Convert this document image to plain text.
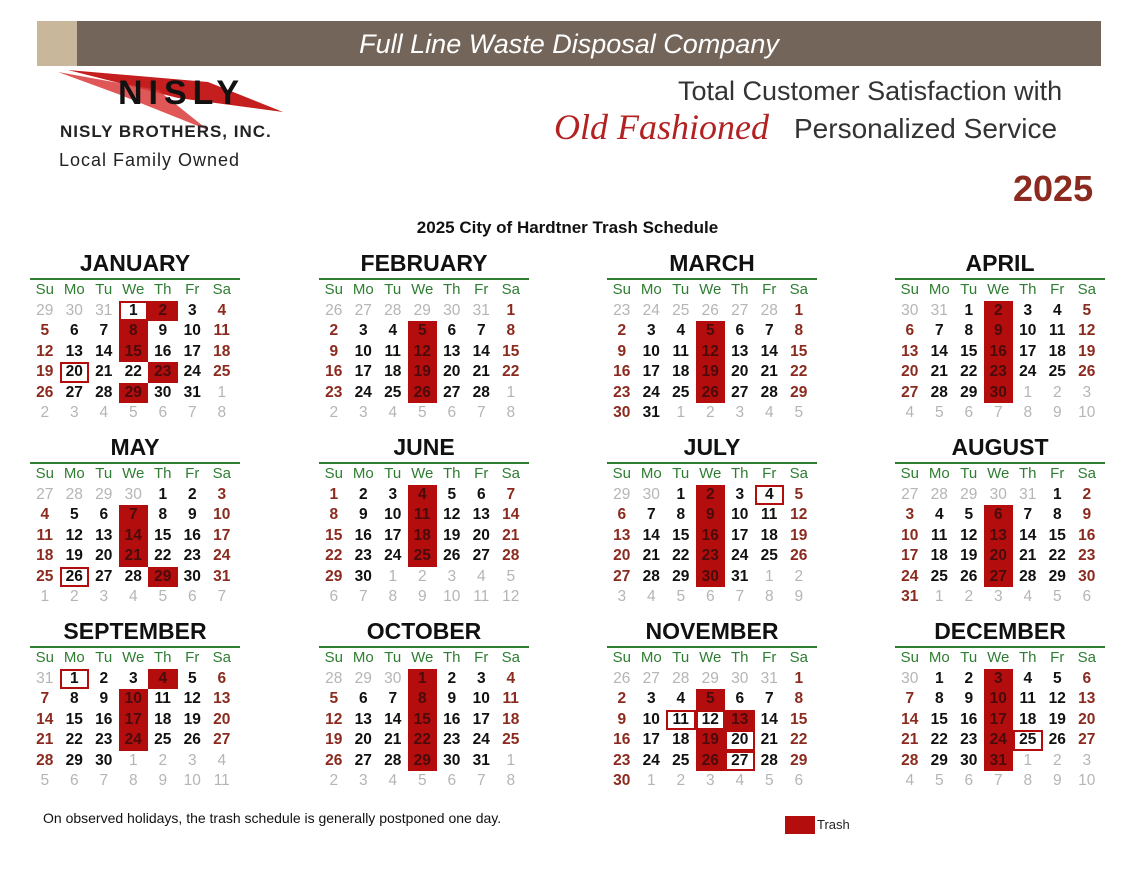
Full Line Waste Disposal Company
NISLY
NISLY BROTHERS, INC.
Local Family Owned
Total Customer Satisfaction with
Old Fashioned Personalized Service
2025
2025 City of Hardtner Trash Schedule
JANUARY
Su Mo Tu We Th Fr Sa
29 30 31	1	2	3	4
5	6	7	8	9	10 11
12 13 14 15 16 17 18
19 20 21 22 23 24 25
26 27 28 29 30 31	1
2	3	4	5	6	7	8
FEBRUARY
Su Mo Tu We Th Fr Sa
26 27 28 29 30 31	1
2	3	4	5	6	7	8
9	10 11 12 13 14 15
16 17 18 19 20 21 22
23 24 25 26 27 28	1
2	3	4	5	6	7	8
MARCH
Su Mo Tu We Th Fr Sa
23 24 25 26 27 28	1
2	3	4	5	6	7	8
9	10 11 12 13 14 15
16 17 18 19 20 21 22
23 24 25 26 27 28 29
30 31	1	2	3	4	5
APRIL
Su Mo Tu We Th Fr Sa
30 31	1	2	3	4	5
6	7	8	9	10 11 12
13 14 15 16 17 18 19
20 21 22 23 24 25 26
27 28 29 30	1	2	3
4	5	6	7	8	9	10
MAY
Su Mo Tu We Th Fr Sa
27 28 29 30	1	2	3
4	5	6	7	8	9	10
11 12 13 14 15 16 17
18 19 20 21 22 23 24
25 26 27 28 29 30 31
1	2	3	4	5	6	7
JUNE
Su Mo Tu We Th Fr Sa
1	2	3	4	5	6	7
8	9	10 11 12 13 14
15 16 17 18 19 20 21
22 23 24 25 26 27 28
29 30	1	2	3	4	5
6	7	8	9	10 11 12
JULY
Su Mo Tu We Th Fr Sa
29 30	1	2	3	4	5
6	7	8	9	10 11 12
13 14 15 16 17 18 19
20 21 22 23 24 25 26
27 28 29 30 31	1	2
3	4	5	6	7	8	9
AUGUST
Su Mo Tu We Th Fr Sa
27 28 29 30 31	1	2
3	4	5	6	7	8	9
10 11 12 13 14 15 16
17 18 19 20 21 22 23
24 25 26 27 28 29 30
31	1	2	3	4	5	6
SEPTEMBER
Su Mo Tu We Th Fr Sa
31	1	2	3	4	5	6
7	8	9	10 11 12 13
14 15 16 17 18 19 20
21 22 23 24 25 26 27
28 29 30	1	2	3	4
5	6	7	8	9	10 11
OCTOBER
Su Mo Tu We Th Fr Sa
28 29 30	1	2	3	4
5	6	7	8	9	10 11
12 13 14 15 16 17 18
19 20 21 22 23 24 25
26 27 28 29 30 31	1
2	3	4	5	6	7	8
NOVEMBER
Su Mo Tu We Th Fr Sa
26 27 28 29 30 31	1
2	3	4	5	6	7	8
9	10 11 12 13 14 15
16 17 18 19 20 21 22
23 24 25 26 27 28 29
30	1	2	3	4	5	6
DECEMBER
Su Mo Tu We Th Fr Sa
30	1	2	3	4	5	6
7	8	9	10 11 12 13
14 15 16 17 18 19 20
21 22 23 24 25 26 27
28 29 30 31	1	2	3
4	5	6	7	8	9	10
On observed holidays, the trash schedule is generally postponed one day.	Trash
